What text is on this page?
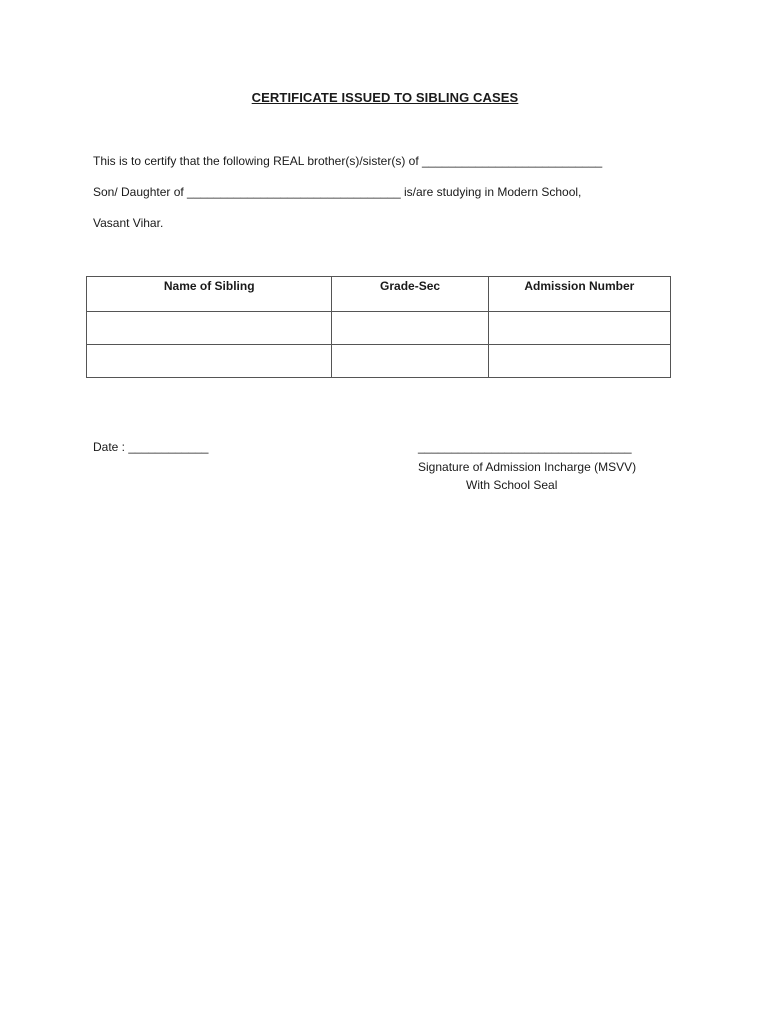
CERTIFICATE ISSUED TO SIBLING CASES
This is to certify that the following REAL brother(s)/sister(s) of ___________________________
Son/ Daughter of ________________________________ is/are studying in Modern School,
Vasant Vihar.
Name of Sibling	Grade-Sec	Admission Number

Date : ____________	________________________________
Signature of Admission Incharge (MSVV)
With School Seal
